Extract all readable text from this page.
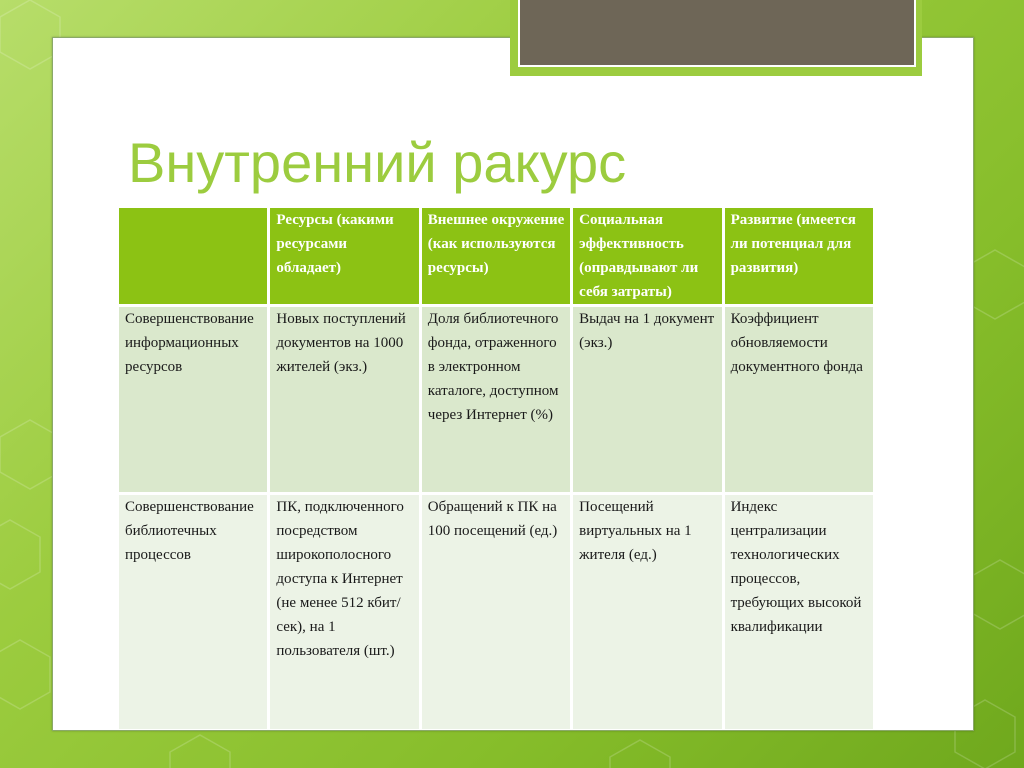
Внутренний ракурс

	Ресурсы (какими ресурсами обладает)	Внешнее окружение (как используются ресурсы)	Социальная эффективность (оправдывают ли себя затраты)	Развитие (имеется ли потенциал для развития)

Совершенствование информационных ресурсов	Новых поступлений документов на 1000 жителей (экз.)	Доля библиотечного фонда, отраженного в электронном каталоге, доступном через Интернет (%)	Выдач на 1 документ (экз.)	Коэффициент обновляемости документного фонда

Совершенствование библиотечных процессов	ПК, подключенного посредством широкополосного доступа к Интернет (не менее 512 кбит/сек), на 1 пользователя (шт.)	Обращений к ПК на 100 посещений (ед.)	Посещений виртуальных на 1 жителя (ед.)	Индекс централизации технологических процессов, требующих высокой квалификации
